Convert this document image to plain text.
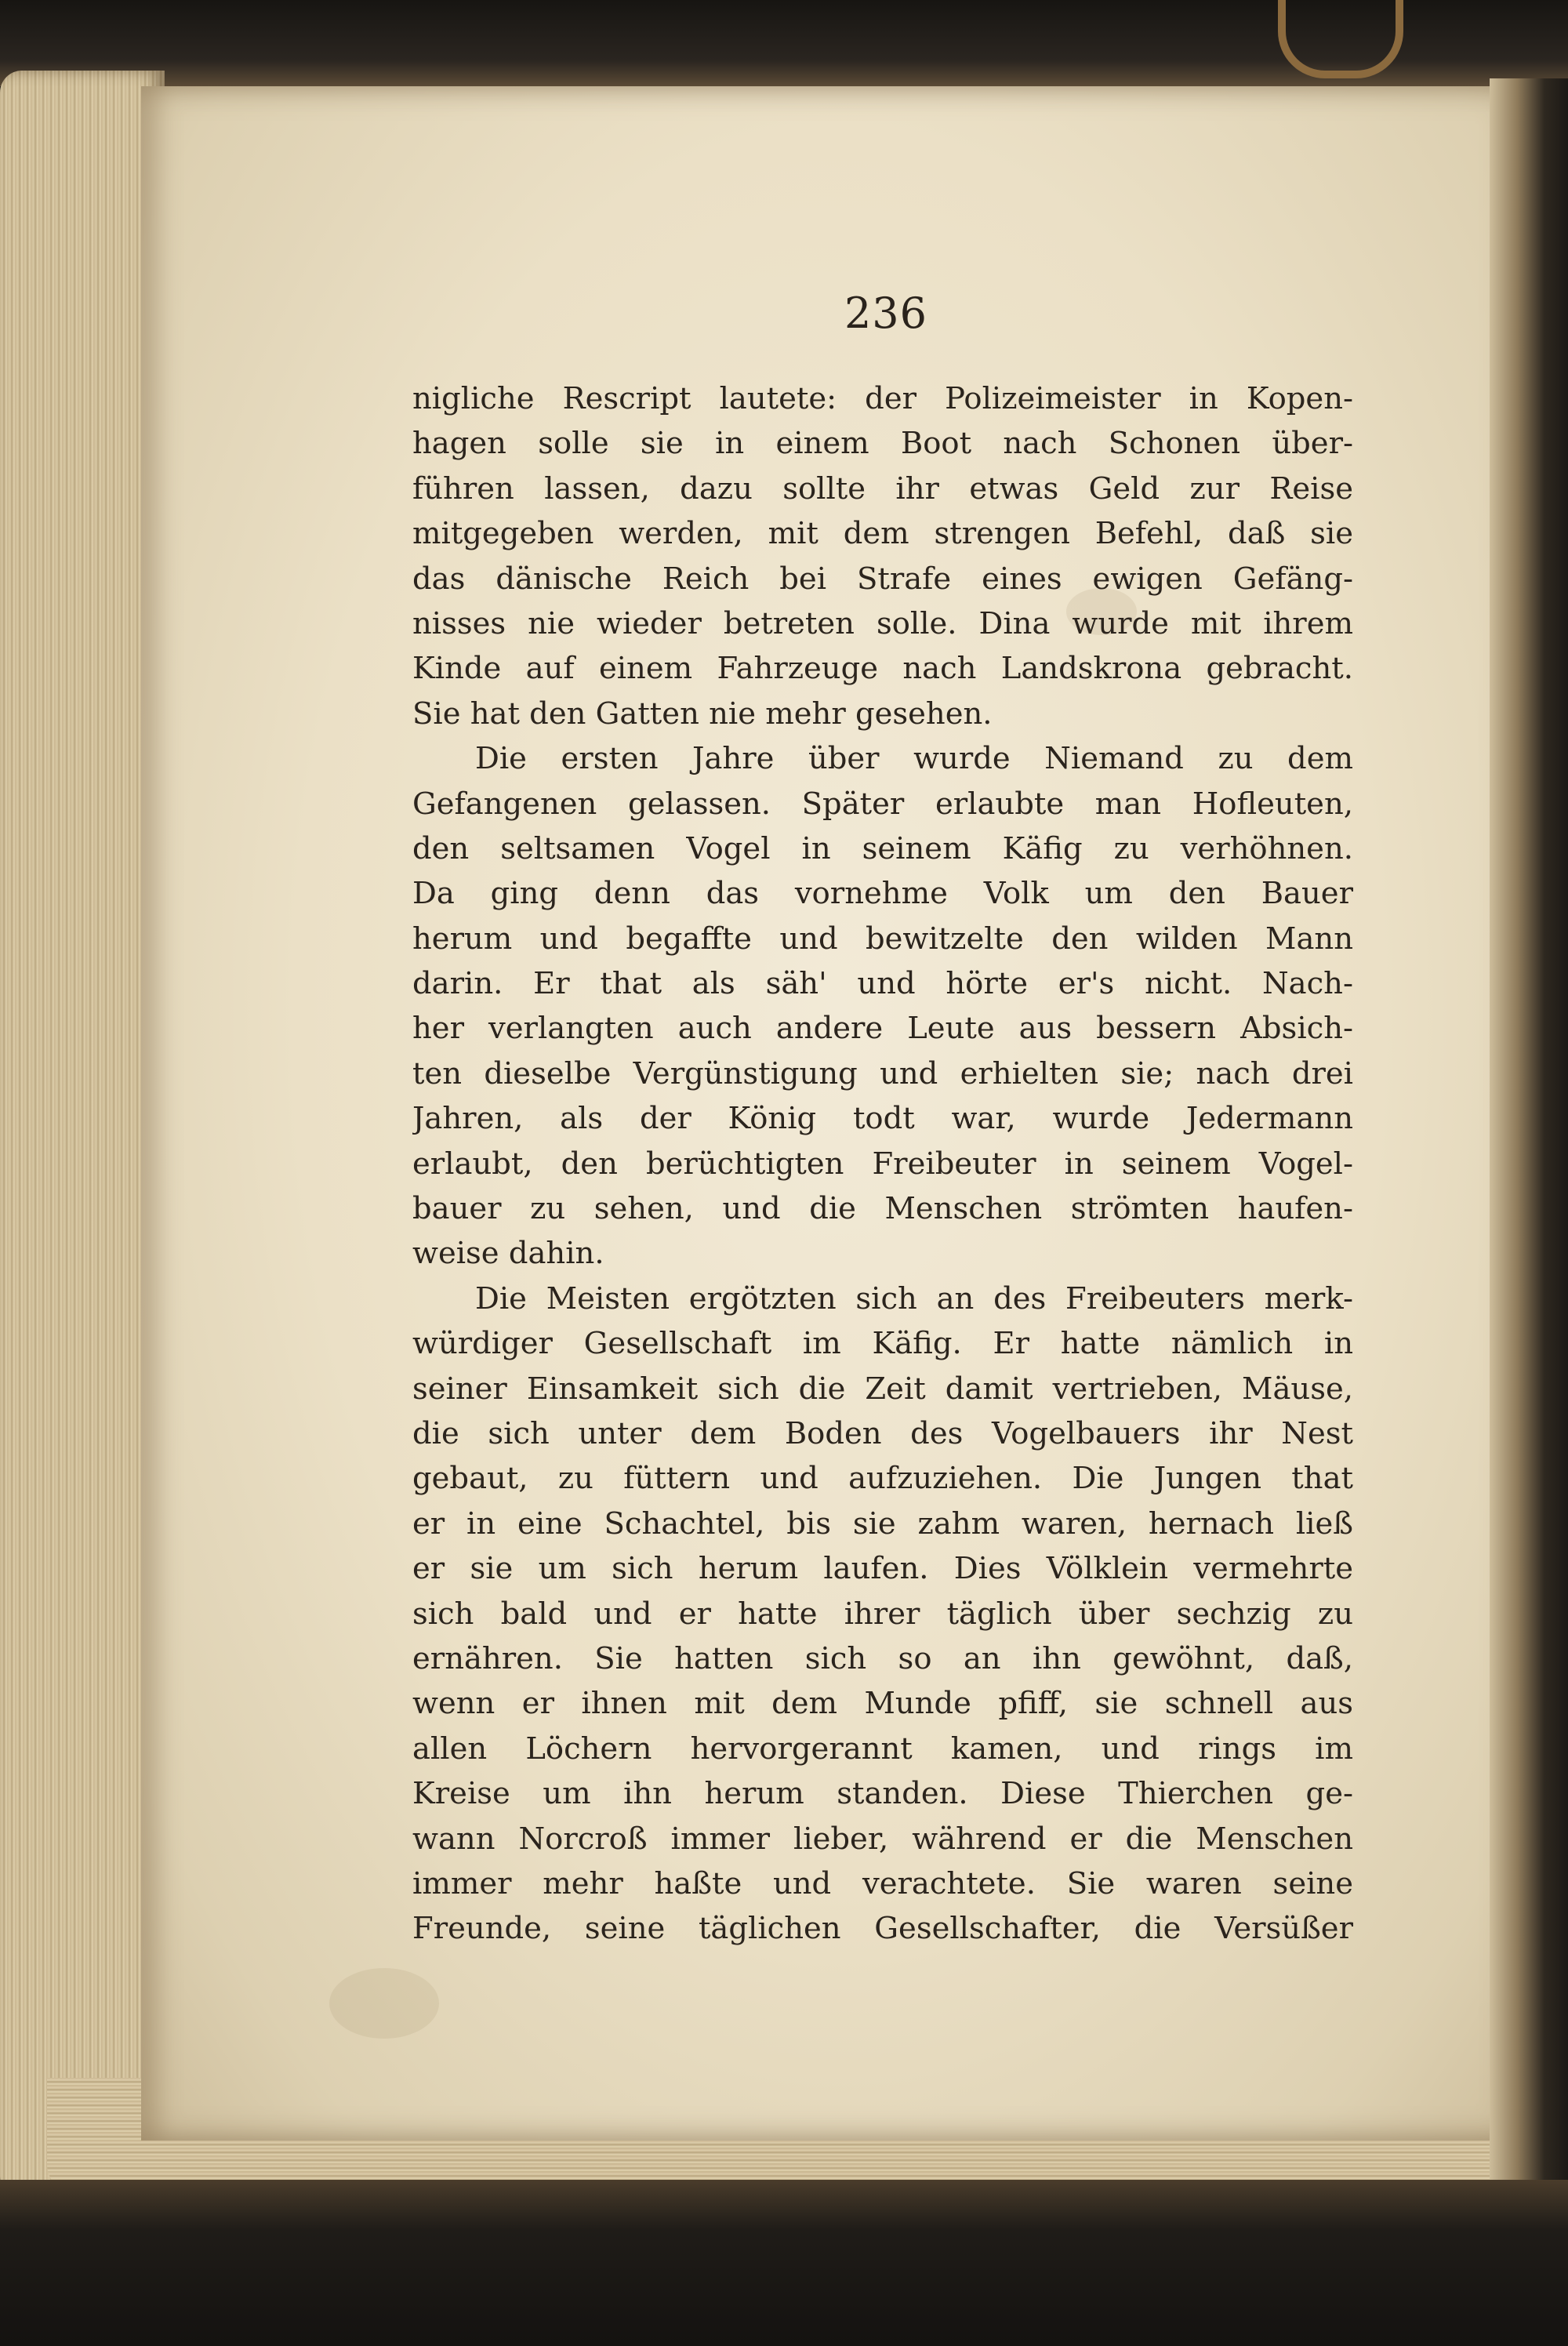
236
nigliche Rescript lautete: der Polizeimeister in Kopen-
hagen solle sie in einem Boot nach Schonen über-
führen lassen, dazu sollte ihr etwas Geld zur Reise
mitgegeben werden, mit dem strengen Befehl, daß sie
das dänische Reich bei Strafe eines ewigen Gefäng-
nisses nie wieder betreten solle. Dina wurde mit ihrem
Kinde auf einem Fahrzeuge nach Landskrona gebracht.
Sie hat den Gatten nie mehr gesehen.
Die ersten Jahre über wurde Niemand zu dem
Gefangenen gelassen. Später erlaubte man Hofleuten,
den seltsamen Vogel in seinem Käfig zu verhöhnen.
Da ging denn das vornehme Volk um den Bauer
herum und begaffte und bewitzelte den wilden Mann
darin. Er that als säh' und hörte er's nicht. Nach-
her verlangten auch andere Leute aus bessern Absich-
ten dieselbe Vergünstigung und erhielten sie; nach drei
Jahren, als der König todt war, wurde Jedermann
erlaubt, den berüchtigten Freibeuter in seinem Vogel-
bauer zu sehen, und die Menschen strömten haufen-
weise dahin.
Die Meisten ergötzten sich an des Freibeuters merk-
würdiger Gesellschaft im Käfig. Er hatte nämlich in
seiner Einsamkeit sich die Zeit damit vertrieben, Mäuse,
die sich unter dem Boden des Vogelbauers ihr Nest
gebaut, zu füttern und aufzuziehen. Die Jungen that
er in eine Schachtel, bis sie zahm waren, hernach ließ
er sie um sich herum laufen. Dies Völklein vermehrte
sich bald und er hatte ihrer täglich über sechzig zu
ernähren. Sie hatten sich so an ihn gewöhnt, daß,
wenn er ihnen mit dem Munde pfiff, sie schnell aus
allen Löchern hervorgerannt kamen, und rings im
Kreise um ihn herum standen. Diese Thierchen ge-
wann Norcroß immer lieber, während er die Menschen
immer mehr haßte und verachtete. Sie waren seine
Freunde, seine täglichen Gesellschafter, die Versüßer
